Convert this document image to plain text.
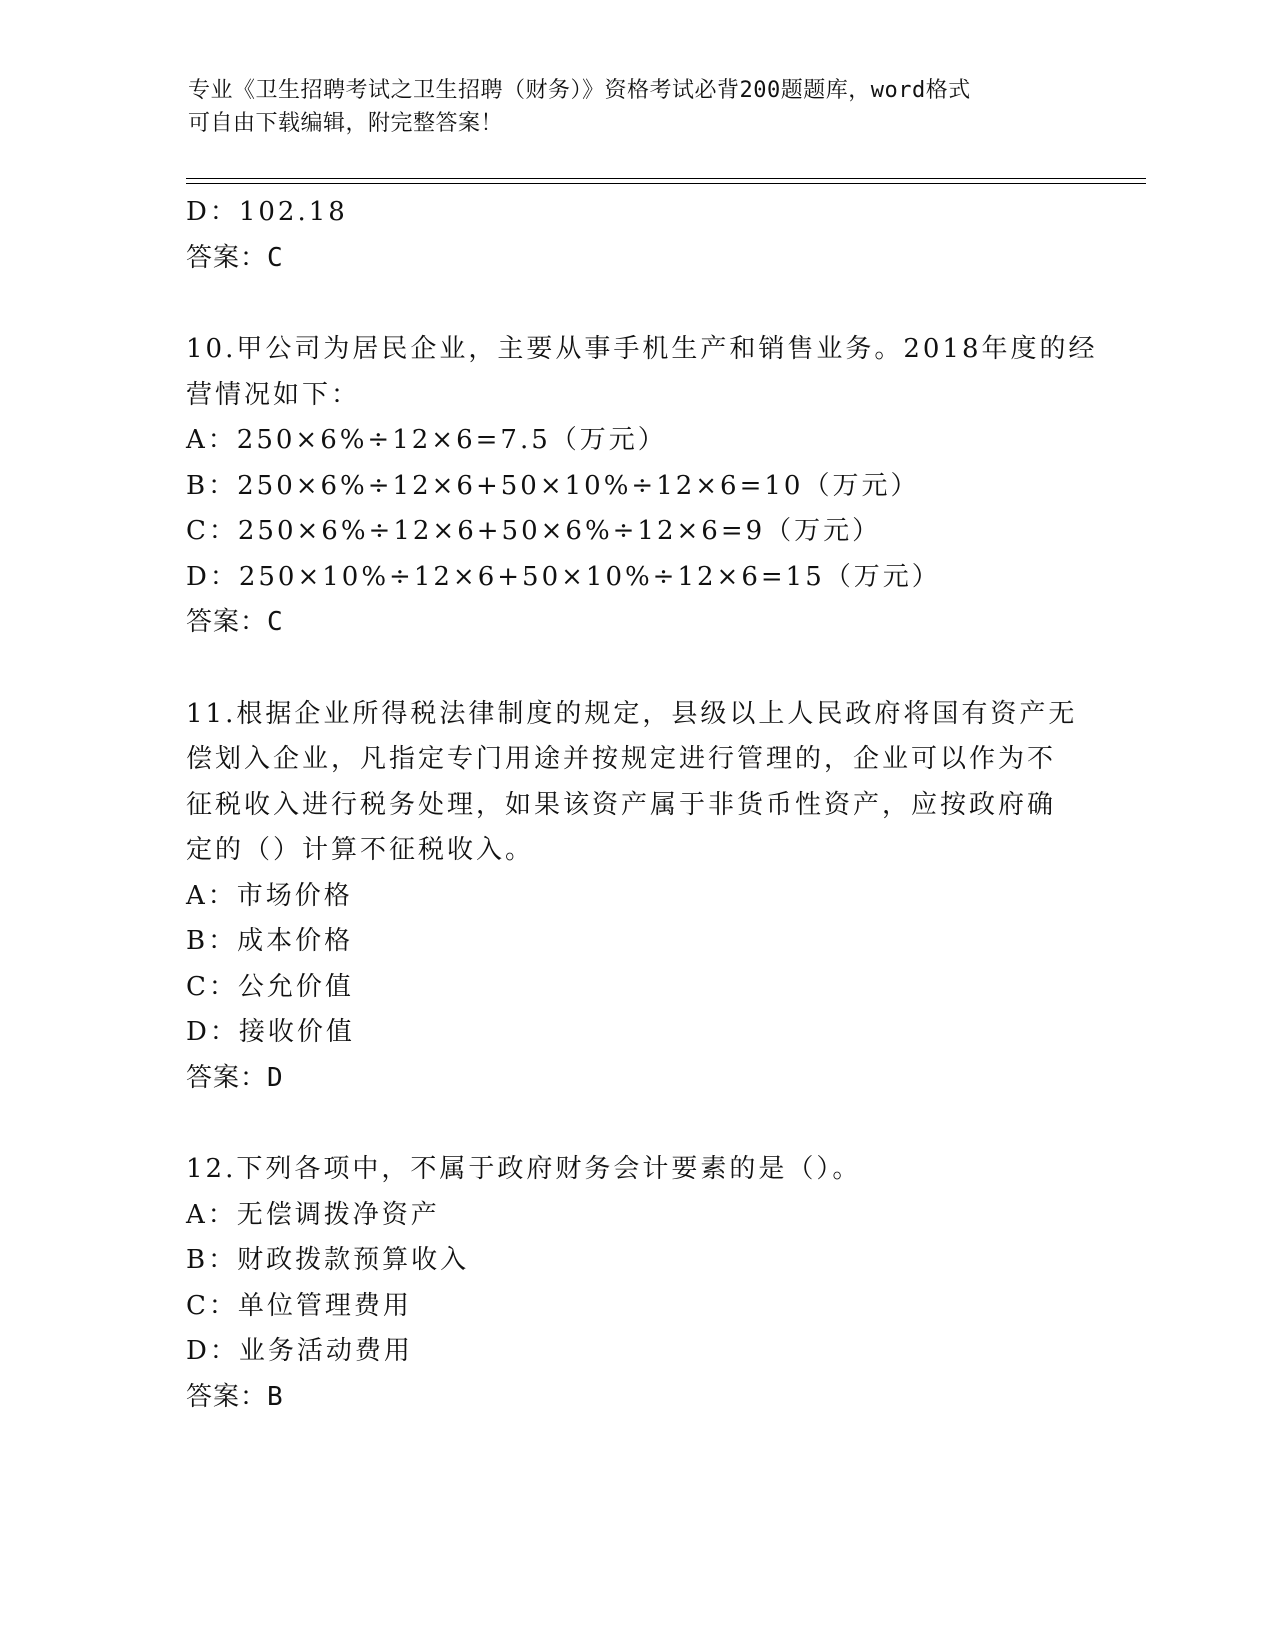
专业《卫生招聘考试之卫生招聘（财务）》资格考试必背200题题库，word格式
可自由下载编辑，附完整答案！
D：102.18
答案：C
10.甲公司为居民企业，主要从事手机生产和销售业务。2018年度的经
营情况如下：
A：250×6%÷12×6=7.5（万元）
B：250×6%÷12×6+50×10%÷12×6=10（万元）
C：250×6%÷12×6+50×6%÷12×6=9（万元）
D：250×10%÷12×6+50×10%÷12×6=15（万元）
答案：C
11.根据企业所得税法律制度的规定，县级以上人民政府将国有资产无
偿划入企业，凡指定专门用途并按规定进行管理的，企业可以作为不
征税收入进行税务处理，如果该资产属于非货币性资产，应按政府确
定的（）计算不征税收入。
A：市场价格
B：成本价格
C：公允价值
D：接收价值
答案：D
12.下列各项中，不属于政府财务会计要素的是（）。
A：无偿调拨净资产
B：财政拨款预算收入
C：单位管理费用
D：业务活动费用
答案：B
